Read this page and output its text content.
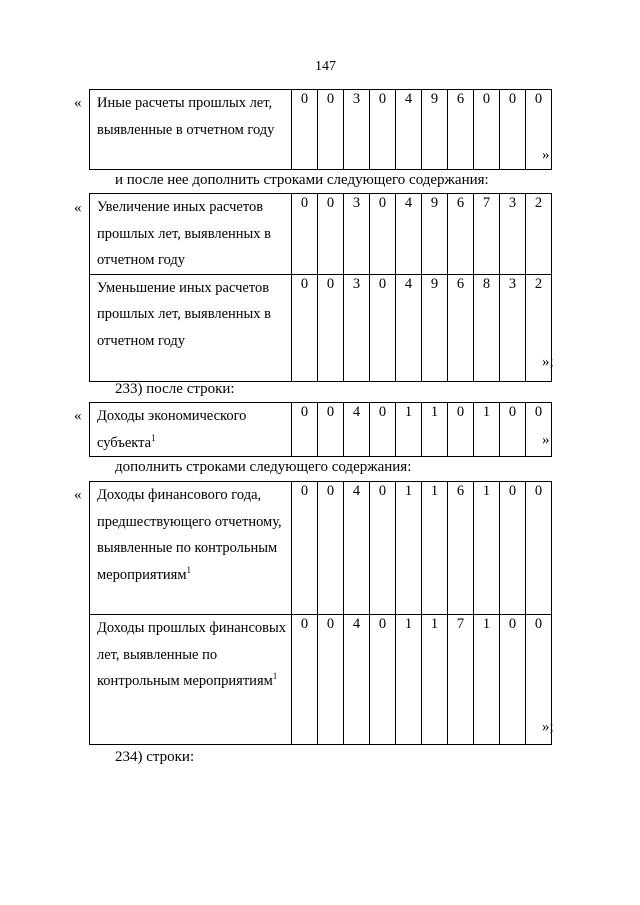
147
« Иные расчеты прошлых лет, выявленные в отчетном году	0	0	3	0	4	9	6	0	0	0
»
и после нее дополнить строками следующего содержания:
« Увеличение иных расчетов прошлых лет, выявленных в отчетном году	0	0	3	0	4	9	6	7	3	2
Уменьшение иных расчетов прошлых лет, выявленных в отчетном году	0	0	3	0	4	9	6	8	3	2
»;
233) после строки:
« Доходы экономического субъекта$^1$	0	0	4	0	1	1	0	1	0	0
»
дополнить строками следующего содержания:
« Доходы финансового года, предшествующего отчетному, выявленные по контрольным мероприятиям$^1$	0	0	4	0	1	1	6	1	0	0
Доходы прошлых финансовых лет, выявленные по контрольным мероприятиям$^1$	0	0	4	0	1	1	7	1	0	0
»;
234) строки:
